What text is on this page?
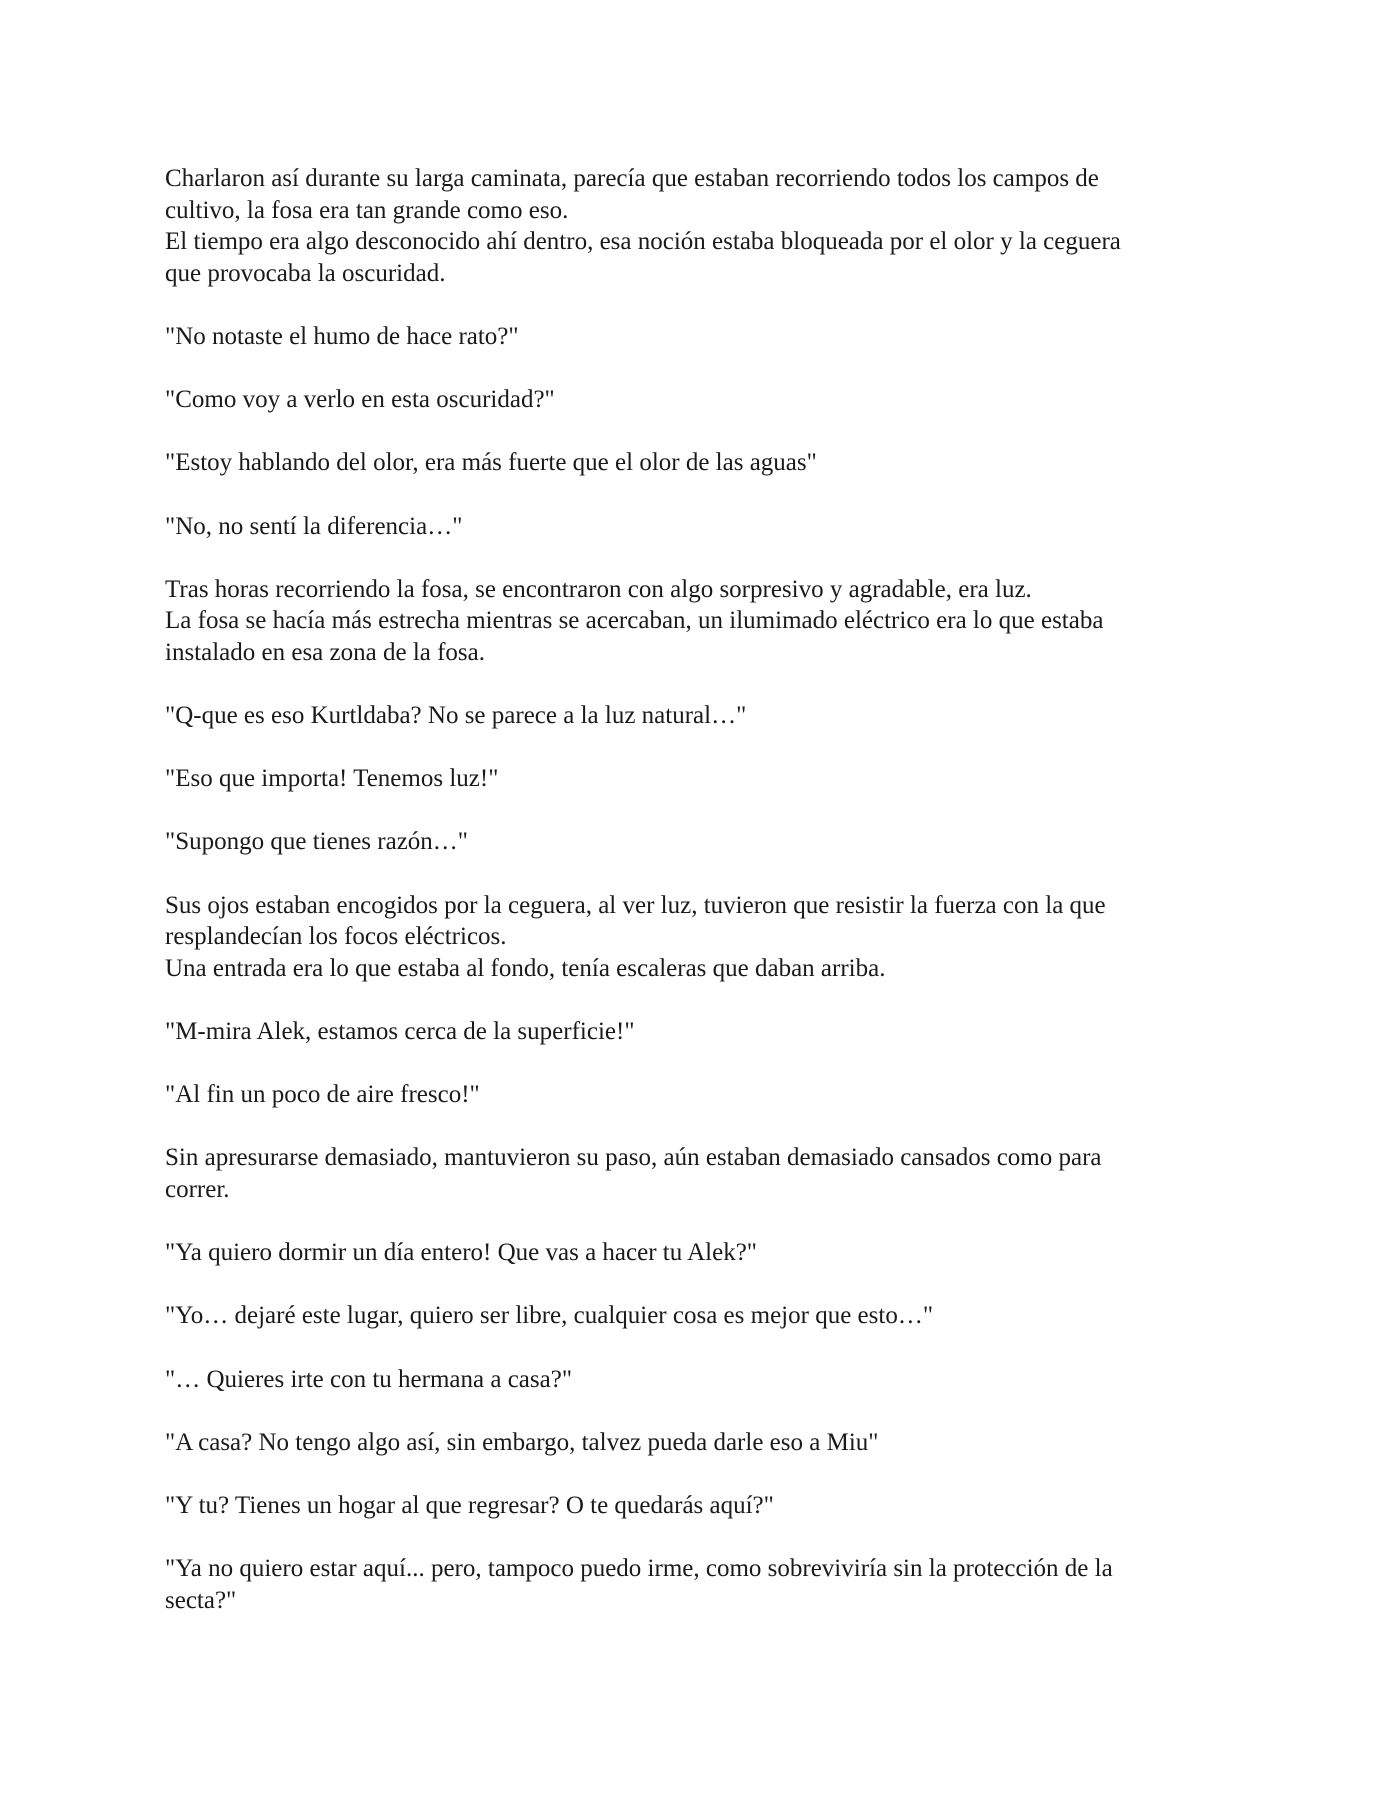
Charlaron así durante su larga caminata, parecía que estaban recorriendo todos los campos de
cultivo, la fosa era tan grande como eso.
El tiempo era algo desconocido ahí dentro, esa noción estaba bloqueada por el olor y la ceguera
que provocaba la oscuridad.

"No notaste el humo de hace rato?"

"Como voy a verlo en esta oscuridad?"

"Estoy hablando del olor, era más fuerte que el olor de las aguas"

"No, no sentí la diferencia…"

Tras horas recorriendo la fosa, se encontraron con algo sorpresivo y agradable, era luz.
La fosa se hacía más estrecha mientras se acercaban, un ilumimado eléctrico era lo que estaba
instalado en esa zona de la fosa.

"Q-que es eso Kurtldaba? No se parece a la luz natural…"

"Eso que importa! Tenemos luz!"

"Supongo que tienes razón…"

Sus ojos estaban encogidos por la ceguera, al ver luz, tuvieron que resistir la fuerza con la que
resplandecían los focos eléctricos.
Una entrada era lo que estaba al fondo, tenía escaleras que daban arriba.

"M-mira Alek, estamos cerca de la superficie!"

"Al fin un poco de aire fresco!"

Sin apresurarse demasiado, mantuvieron su paso, aún estaban demasiado cansados como para
correr.

"Ya quiero dormir un día entero! Que vas a hacer tu Alek?"

"Yo… dejaré este lugar, quiero ser libre, cualquier cosa es mejor que esto…"

"… Quieres irte con tu hermana a casa?"

"A casa? No tengo algo así, sin embargo, talvez pueda darle eso a Miu"

"Y tu? Tienes un hogar al que regresar? O te quedarás aquí?"

"Ya no quiero estar aquí... pero, tampoco puedo irme, como sobreviviría sin la protección de la
secta?"
